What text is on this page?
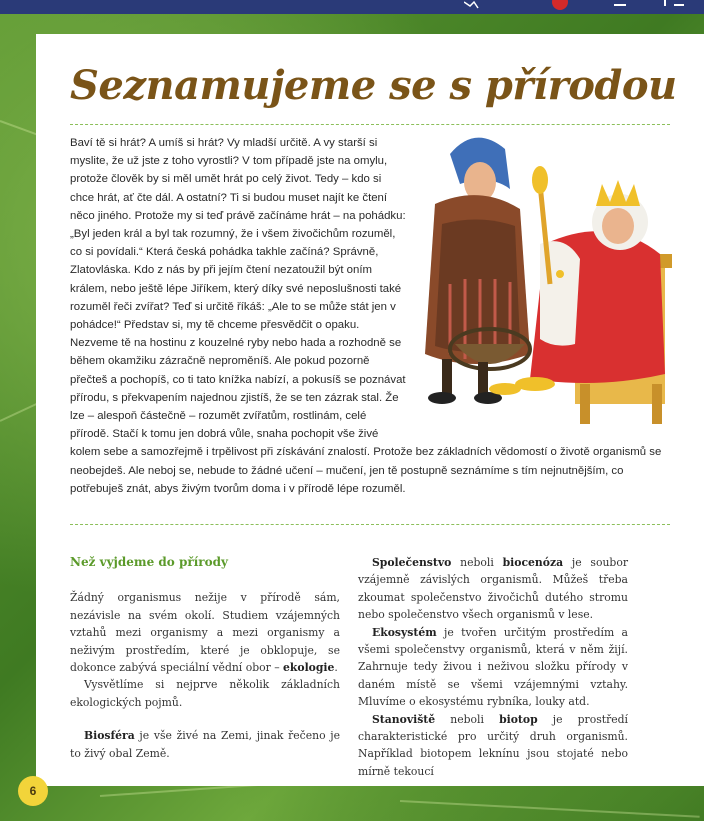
Seznamujeme se s přírodou

Baví tě si hrát? A umíš si hrát? Vy mladší určitě. A vy starší si myslite, že už jste z toho vyrostli? V tom případě jste na omylu, protože člověk by si měl umět hrát po celý život. Tedy – kdo si chce hrát, ať čte dál. A ostatní? Ti si budou muset najít ke čtení něco jiného. Protože my si teď právě začínáme hrát – na pohádku: „Byl jeden král a byl tak rozumný, že i všem živočichům rozuměl, co si povídali.“ Která česká pohádka takhle začíná? Správně, Zlatovláska. Kdo z nás by při jejím čtení nezatoužil být oním králem, nebo ještě lépe Jiříkem, který díky své neposlušnosti také rozuměl řeči zvířat? Teď si určitě říkáš: „Ale to se může stát jen v pohádce!“ Představ si, my tě chceme přesvědčit o opaku. Nezveme tě na hostinu z kouzelné ryby nebo hada a rozhodně se během okamžiku zázračně neproměníš. Ale pokud pozorně přečteš a pochopíš, co ti tato knížka nabízí, a pokusíš se poznávat přírodu, s překvapením najednou zjistíš, že se ten zázrak stal. Že lze – alespoň částečně – rozumět zvířatům, rostlinám, celé přírodě. Stačí k tomu jen dobrá vůle, snaha pochopit vše živé kolem sebe a samozřejmě i trpělivost při získávání znalostí. Protože bez základních vědomostí o životě organismů se neobejdeš. Ale neboj se, nebude to žádné učení – mučení, jen tě postupně seznámíme s tím nejnutnějším, co potřebuješ znát, abys živým tvorům doma i v přírodě lépe rozuměl.

Než vyjdeme do přírody

Žádný organismus nežije v přírodě sám, nezávisle na svém okolí. Studiem vzájemných vztahů mezi organismy a mezi organismy a neživým prostředím, které je obklopuje, se dokonce zabývá speciální vědní obor – ekologie.

Vysvětlíme si nejprve několik základních ekologických pojmů.

Biosféra je vše živé na Zemi, jinak řečeno je to živý obal Země.

Společenstvo neboli biocenóza je soubor vzájemně závislých organismů. Můžeš třeba zkoumat společenstvo živočichů dutého stromu nebo společenstvo všech organismů v lese.

Ekosystém je tvořen určitým prostředím a všemi společenstvy organismů, která v něm žijí. Zahrnuje tedy živou i neživou složku přírody v daném místě se všemi vzájemnými vztahy. Mluvíme o ekosystému rybníka, louky atd.

Stanoviště neboli biotop je prostředí charakteristické pro určitý druh organismů. Například biotopem leknínu jsou stojaté nebo mírně tekoucí

6
